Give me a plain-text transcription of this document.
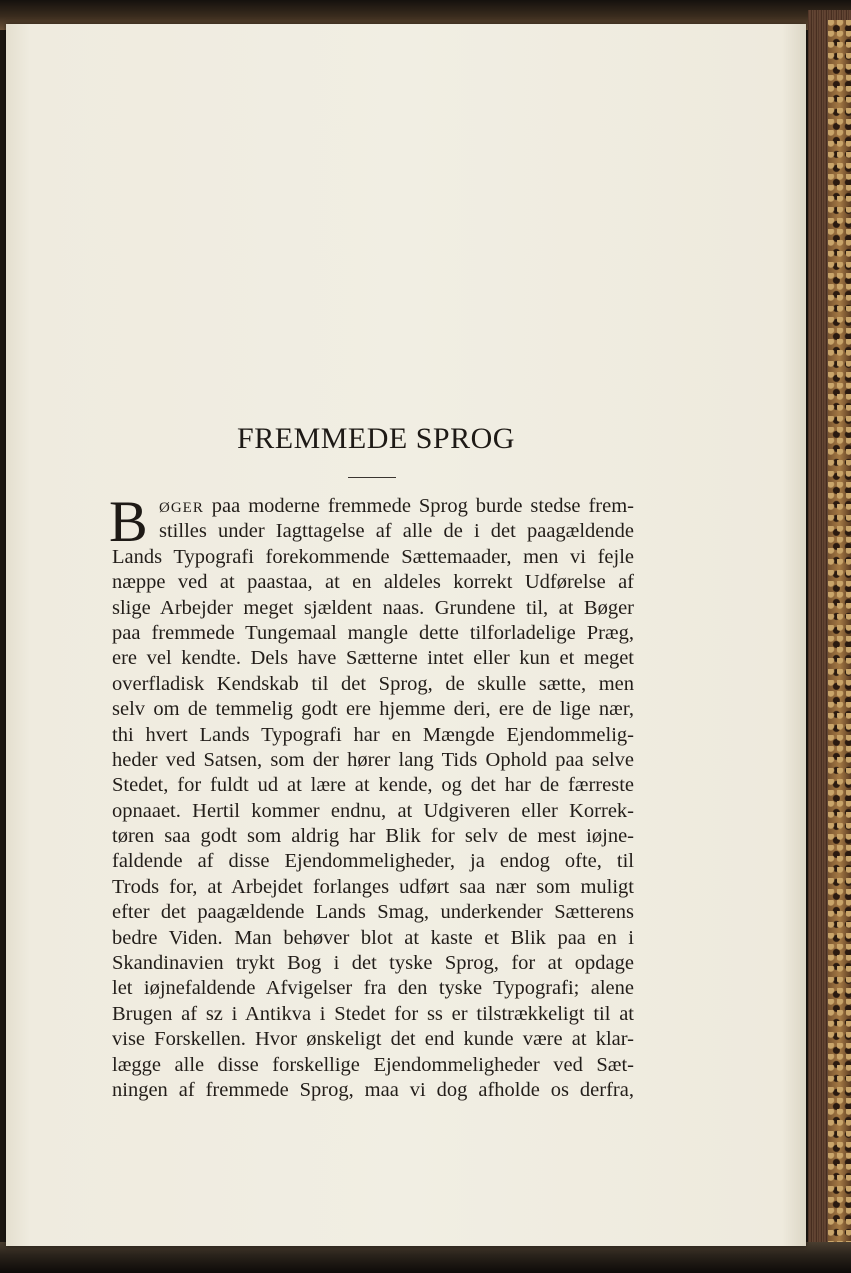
FREMMEDE SPROG
B ØGER paa moderne fremmede Sprog burde stedse frem-
stilles under Iagttagelse af alle de i det paagældende
Lands Typografi forekommende Sættemaader, men vi fejle
næppe ved at paastaa, at en aldeles korrekt Udførelse af
slige Arbejder meget sjældent naas. Grundene til, at Bøger
paa fremmede Tungemaal mangle dette tilforladelige Præg,
ere vel kendte. Dels have Sætterne intet eller kun et meget
overfladisk Kendskab til det Sprog, de skulle sætte, men
selv om de temmelig godt ere hjemme deri, ere de lige nær,
thi hvert Lands Typografi har en Mængde Ejendommelig-
heder ved Satsen, som der hører lang Tids Ophold paa selve
Stedet, for fuldt ud at lære at kende, og det har de færreste
opnaaet. Hertil kommer endnu, at Udgiveren eller Korrek-
tøren saa godt som aldrig har Blik for selv de mest iøjne-
faldende af disse Ejendommeligheder, ja endog ofte, til
Trods for, at Arbejdet forlanges udført saa nær som muligt
efter det paagældende Lands Smag, underkender Sætterens
bedre Viden. Man behøver blot at kaste et Blik paa en i
Skandinavien trykt Bog i det tyske Sprog, for at opdage
let iøjnefaldende Afvigelser fra den tyske Typografi; alene
Brugen af sz i Antikva i Stedet for ss er tilstrækkeligt til at
vise Forskellen. Hvor ønskeligt det end kunde være at klar-
lægge alle disse forskellige Ejendommeligheder ved Sæt-
ningen af fremmede Sprog, maa vi dog afholde os derfra,
